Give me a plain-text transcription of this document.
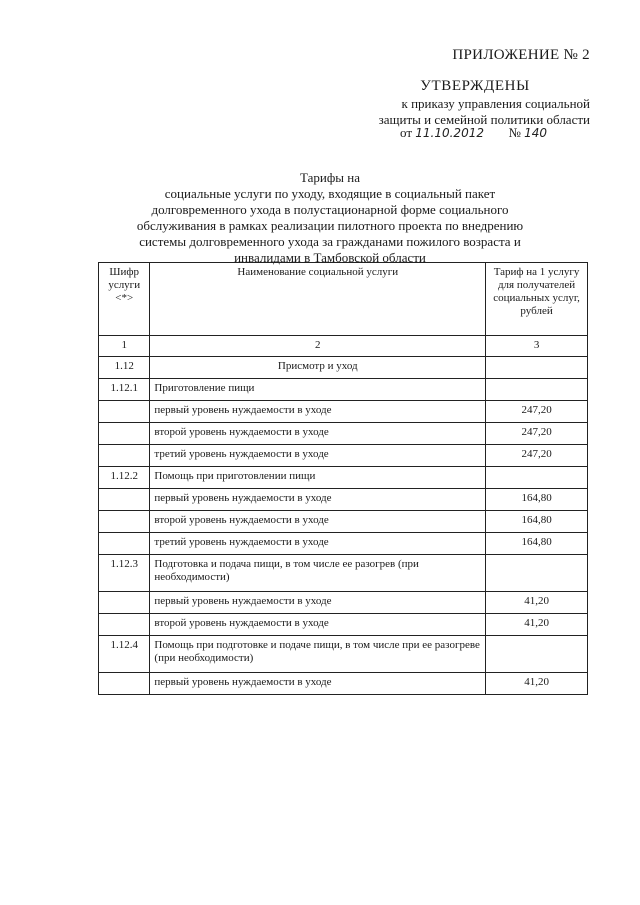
ПРИЛОЖЕНИЕ № 2
УТВЕРЖДЕНЫ
к приказу управления социальной
защиты и семейной политики области
от 11.10.2012 № 140
Тарифы на
социальные услуги по уходу, входящие в социальный пакет долговременного ухода в полустационарной форме социального обслуживания в рамках реализации пилотного проекта по внедрению системы долговременного ухода за гражданами пожилого возраста и инвалидами в Тамбовской области
Шифр услуги <*>	Наименование социальной услуги	Тариф на 1 услугу для получателей социальных услуг, рублей
1	2	3
1.12	Присмотр и уход	
1.12.1	Приготовление пищи	
	первый уровень нуждаемости в уходе	247,20
	второй уровень нуждаемости в уходе	247,20
	третий уровень нуждаемости в уходе	247,20
1.12.2	Помощь при приготовлении пищи	
	первый уровень нуждаемости в уходе	164,80
	второй уровень нуждаемости в уходе	164,80
	третий уровень нуждаемости в уходе	164,80
1.12.3	Подготовка и подача пищи, в том числе ее разогрев (при необходимости)	
	первый уровень нуждаемости в уходе	41,20
	второй уровень нуждаемости в уходе	41,20
1.12.4	Помощь при подготовке и подаче пищи, в том числе при ее разогреве (при необходимости)	
	первый уровень нуждаемости в уходе	41,20
